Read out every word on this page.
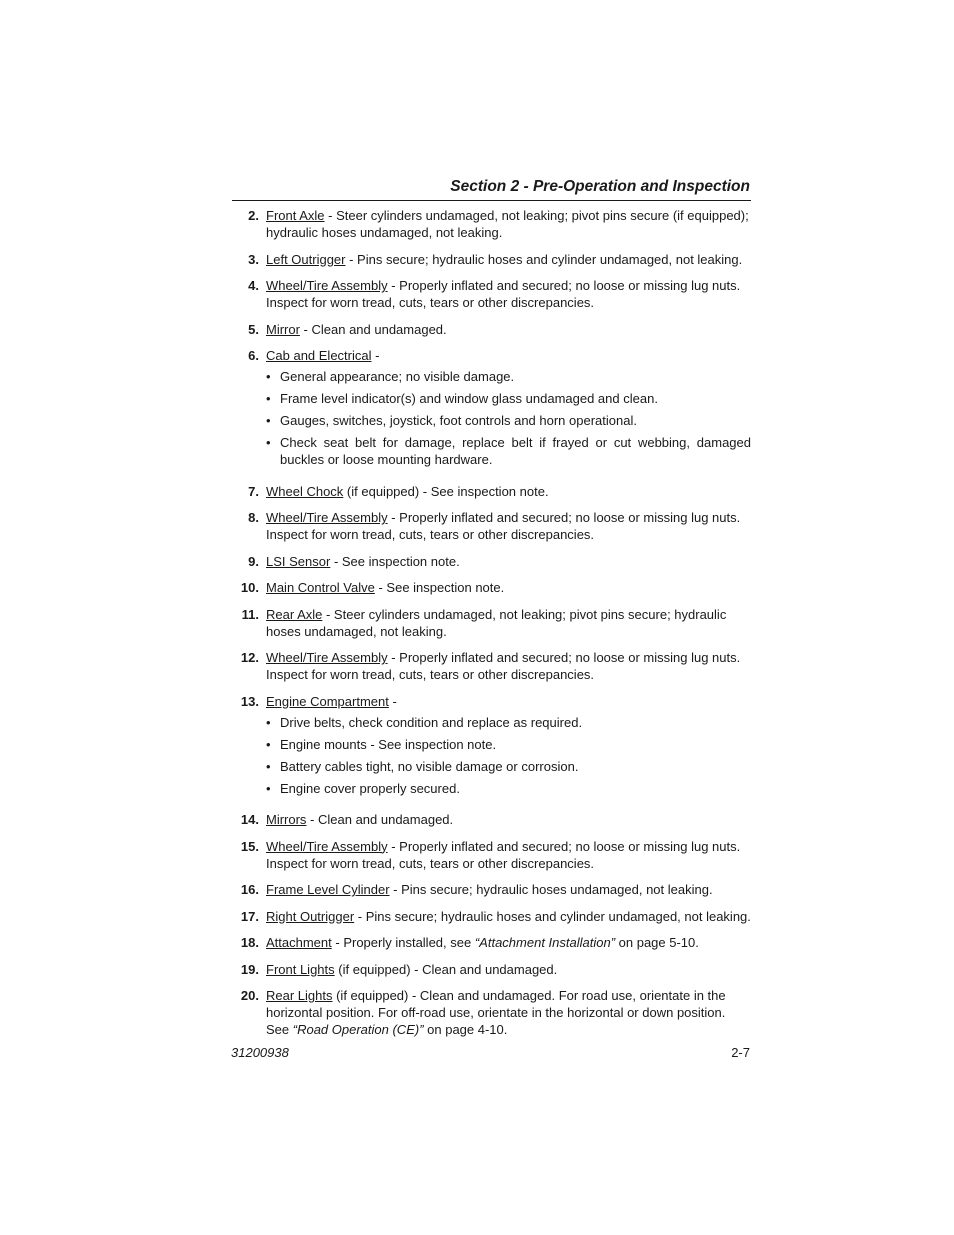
Section 2 - Pre-Operation and Inspection
2. Front Axle - Steer cylinders undamaged, not leaking; pivot pins secure (if equipped); hydraulic hoses undamaged, not leaking.
3. Left Outrigger - Pins secure; hydraulic hoses and cylinder undamaged, not leaking.
4. Wheel/Tire Assembly - Properly inflated and secured; no loose or missing lug nuts. Inspect for worn tread, cuts, tears or other discrepancies.
5. Mirror - Clean and undamaged.
6. Cab and Electrical -
• General appearance; no visible damage.
• Frame level indicator(s) and window glass undamaged and clean.
• Gauges, switches, joystick, foot controls and horn operational.
• Check seat belt for damage, replace belt if frayed or cut webbing, damaged buckles or loose mounting hardware.
7. Wheel Chock (if equipped) - See inspection note.
8. Wheel/Tire Assembly - Properly inflated and secured; no loose or missing lug nuts. Inspect for worn tread, cuts, tears or other discrepancies.
9. LSI Sensor - See inspection note.
10. Main Control Valve - See inspection note.
11. Rear Axle - Steer cylinders undamaged, not leaking; pivot pins secure; hydraulic hoses undamaged, not leaking.
12. Wheel/Tire Assembly - Properly inflated and secured; no loose or missing lug nuts. Inspect for worn tread, cuts, tears or other discrepancies.
13. Engine Compartment -
• Drive belts, check condition and replace as required.
• Engine mounts - See inspection note.
• Battery cables tight, no visible damage or corrosion.
• Engine cover properly secured.
14. Mirrors - Clean and undamaged.
15. Wheel/Tire Assembly - Properly inflated and secured; no loose or missing lug nuts. Inspect for worn tread, cuts, tears or other discrepancies.
16. Frame Level Cylinder - Pins secure; hydraulic hoses undamaged, not leaking.
17. Right Outrigger - Pins secure; hydraulic hoses and cylinder undamaged, not leaking.
18. Attachment - Properly installed, see “Attachment Installation” on page 5-10.
19. Front Lights (if equipped) - Clean and undamaged.
20. Rear Lights (if equipped) - Clean and undamaged. For road use, orientate in the horizontal position. For off-road use, orientate in the horizontal or down position. See “Road Operation (CE)” on page 4-10.
31200938	2-7
